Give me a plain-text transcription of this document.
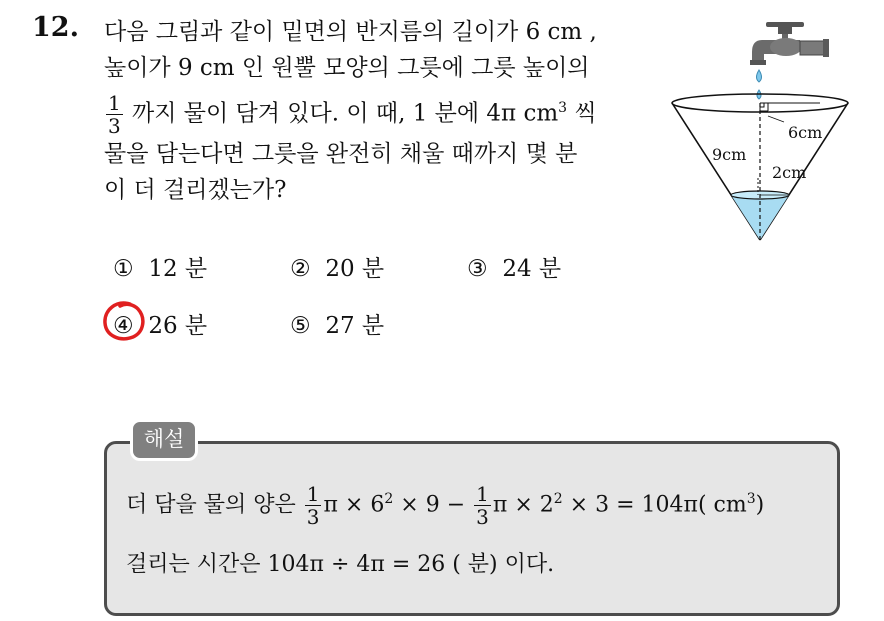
12. 다음 그림과 같이 밑면의 반지름의 길이가 6 cm ,
높이가 9 cm 인 원뿔 모양의 그릇에 그릇 높이의
$\frac{1}{3}$ 까지 물이 담겨 있다. 이 때, 1 분에 4π $cm^3$ 씩
물을 담는다면 그릇을 완전히 채울 때까지 몇 분
이 더 걸리겠는가?
6cm
9cm
2cm
① 12 분	② 20 분	③ 24 분
④ 26 분	⑤ 27 분
해설
더 담을 물의 양은 $\frac{1}{3}$ $\pi \times 6^2 \times 9 - \frac{1}{3}$ $\pi \times 2^2 \times 3 = 104\pi$( $cm^3$)
걸리는 시간은 104π ÷ 4π = 26 ( 분) 이다.
